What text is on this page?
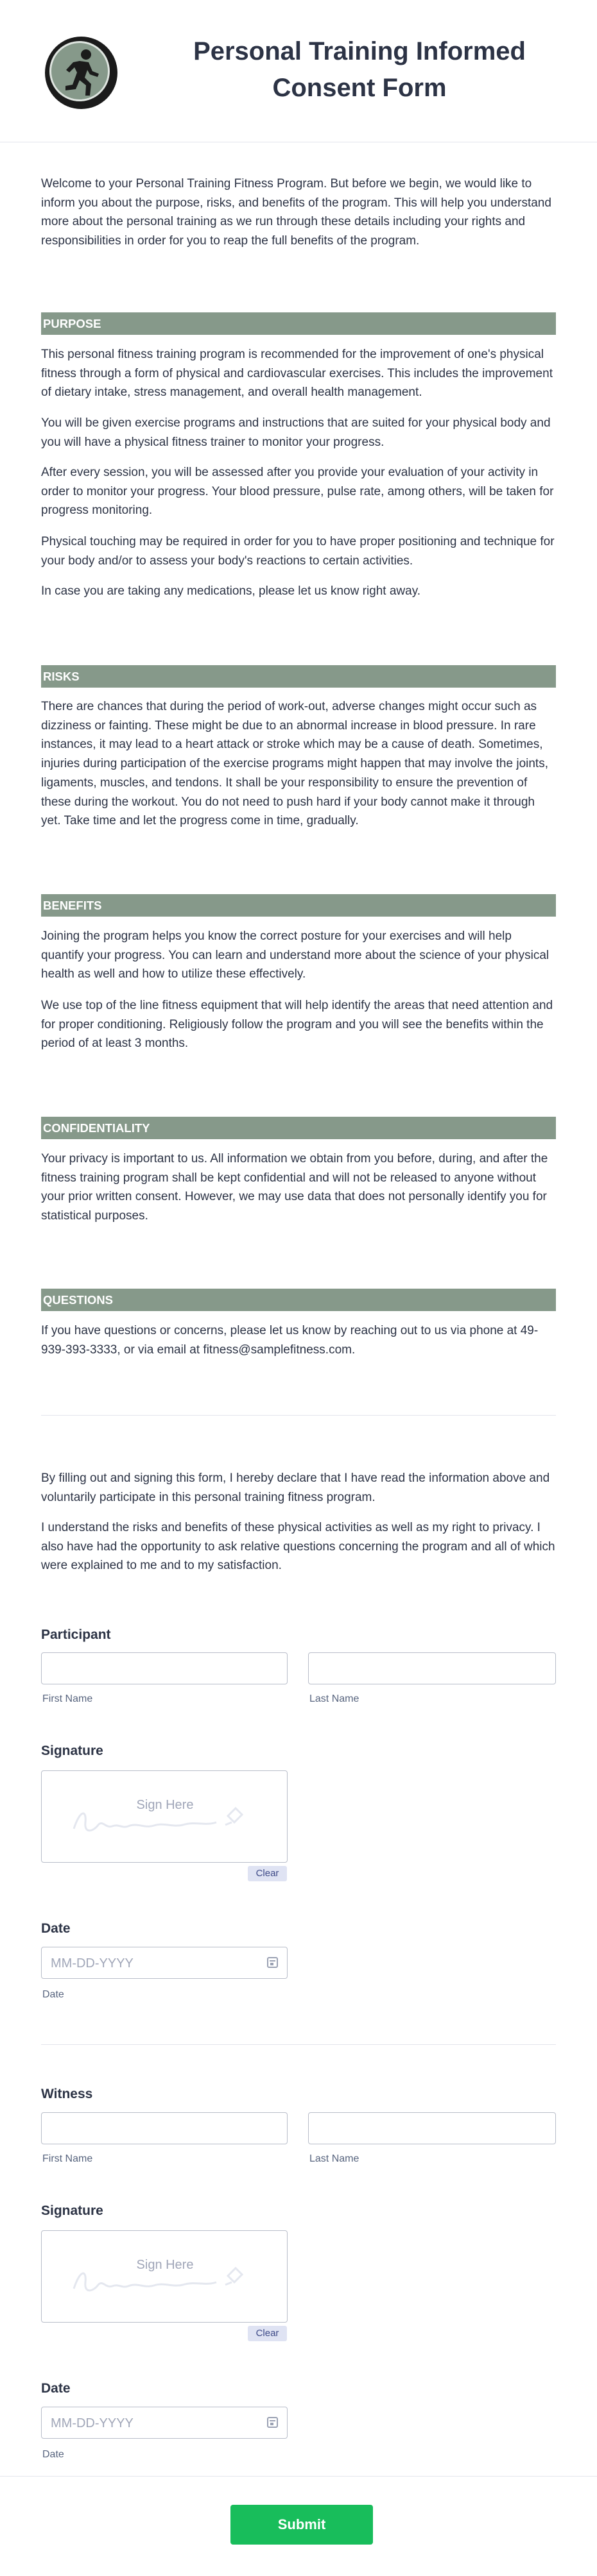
Personal Training Informed Consent Form
Welcome to your Personal Training Fitness Program. But before we begin, we would like to inform you about the purpose, risks, and benefits of the program. This will help you understand more about the personal training as we run through these details including your rights and responsibilities in order for you to reap the full benefits of the program.
PURPOSE
This personal fitness training program is recommended for the improvement of one's physical fitness through a form of physical and cardiovascular exercises. This includes the improvement of dietary intake, stress management, and overall health management.
You will be given exercise programs and instructions that are suited for your physical body and you will have a physical fitness trainer to monitor your progress.
After every session, you will be assessed after you provide your evaluation of your activity in order to monitor your progress. Your blood pressure, pulse rate, among others, will be taken for progress monitoring.
Physical touching may be required in order for you to have proper positioning and technique for your body and/or to assess your body's reactions to certain activities.
In case you are taking any medications, please let us know right away.
RISKS
There are chances that during the period of work-out, adverse changes might occur such as dizziness or fainting. These might be due to an abnormal increase in blood pressure. In rare instances, it may lead to a heart attack or stroke which may be a cause of death. Sometimes, injuries during participation of the exercise programs might happen that may involve the joints, ligaments, muscles, and tendons. It shall be your responsibility to ensure the prevention of these during the workout. You do not need to push hard if your body cannot make it through yet. Take time and let the progress come in time, gradually.
BENEFITS
Joining the program helps you know the correct posture for your exercises and will help quantify your progress. You can learn and understand more about the science of your physical health as well and how to utilize these effectively.
We use top of the line fitness equipment that will help identify the areas that need attention and for proper conditioning. Religiously follow the program and you will see the benefits within the period of at least 3 months.
CONFIDENTIALITY
Your privacy is important to us. All information we obtain from you before, during, and after the fitness training program shall be kept confidential and will not be released to anyone without your prior written consent. However, we may use data that does not personally identify you for statistical purposes.
QUESTIONS
If you have questions or concerns, please let us know by reaching out to us via phone at 49-939-393-3333, or via email at fitness@samplefitness.com.
By filling out and signing this form, I hereby declare that I have read the information above and voluntarily participate in this personal training fitness program.
I understand the risks and benefits of these physical activities as well as my right to privacy. I also have had the opportunity to ask relative questions concerning the program and all of which were explained to me and to my satisfaction.
Participant
First Name	Last Name
Signature
Sign Here
Clear
Date
MM-DD-YYYY
Date
Witness
First Name	Last Name
Signature
Sign Here
Clear
Date
MM-DD-YYYY
Date
Submit
